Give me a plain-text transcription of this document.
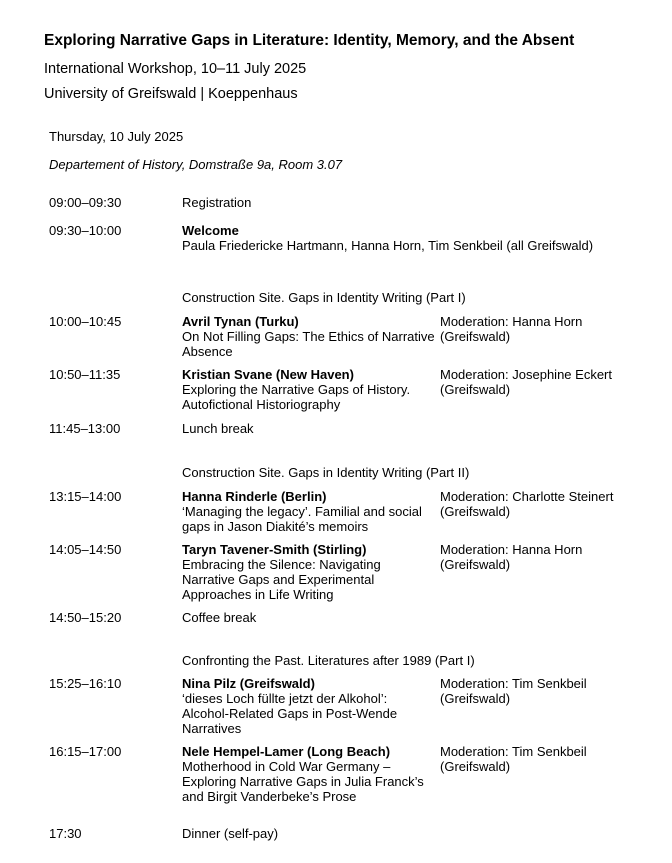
Exploring Narrative Gaps in Literature: Identity, Memory, and the Absent
International Workshop, 10–11 July 2025
University of Greifswald | Koeppenhaus
Thursday, 10 July 2025
Departement of History, Domstraße 9a, Room 3.07
09:00–09:30	Registration
09:30–10:00	Welcome
Paula Friedericke Hartmann, Hanna Horn, Tim Senkbeil (all Greifswald)
Construction Site. Gaps in Identity Writing (Part I)
10:00–10:45	Avril Tynan (Turku)
On Not Filling Gaps: The Ethics of Narrative Absence
Moderation: Hanna Horn (Greifswald)
10:50–11:35	Kristian Svane (New Haven)
Exploring the Narrative Gaps of History. Autofictional Historiography
Moderation: Josephine Eckert (Greifswald)
11:45–13:00	Lunch break
Construction Site. Gaps in Identity Writing (Part II)
13:15–14:00	Hanna Rinderle (Berlin)
‘Managing the legacy’. Familial and social gaps in Jason Diakité’s memoirs
Moderation: Charlotte Steinert (Greifswald)
14:05–14:50	Taryn Tavener-Smith (Stirling)
Embracing the Silence: Navigating Narrative Gaps and Experimental Approaches in Life Writing
Moderation: Hanna Horn (Greifswald)
14:50–15:20	Coffee break
Confronting the Past. Literatures after 1989 (Part I)
15:25–16:10	Nina Pilz (Greifswald)
‘dieses Loch füllte jetzt der Alkohol’: Alcohol-Related Gaps in Post-Wende Narratives
Moderation: Tim Senkbeil (Greifswald)
16:15–17:00	Nele Hempel-Lamer (Long Beach)
Motherhood in Cold War Germany – Exploring Narrative Gaps in Julia Franck’s and Birgit Vanderbeke’s Prose
Moderation: Tim Senkbeil (Greifswald)
17:30	Dinner (self-pay)
